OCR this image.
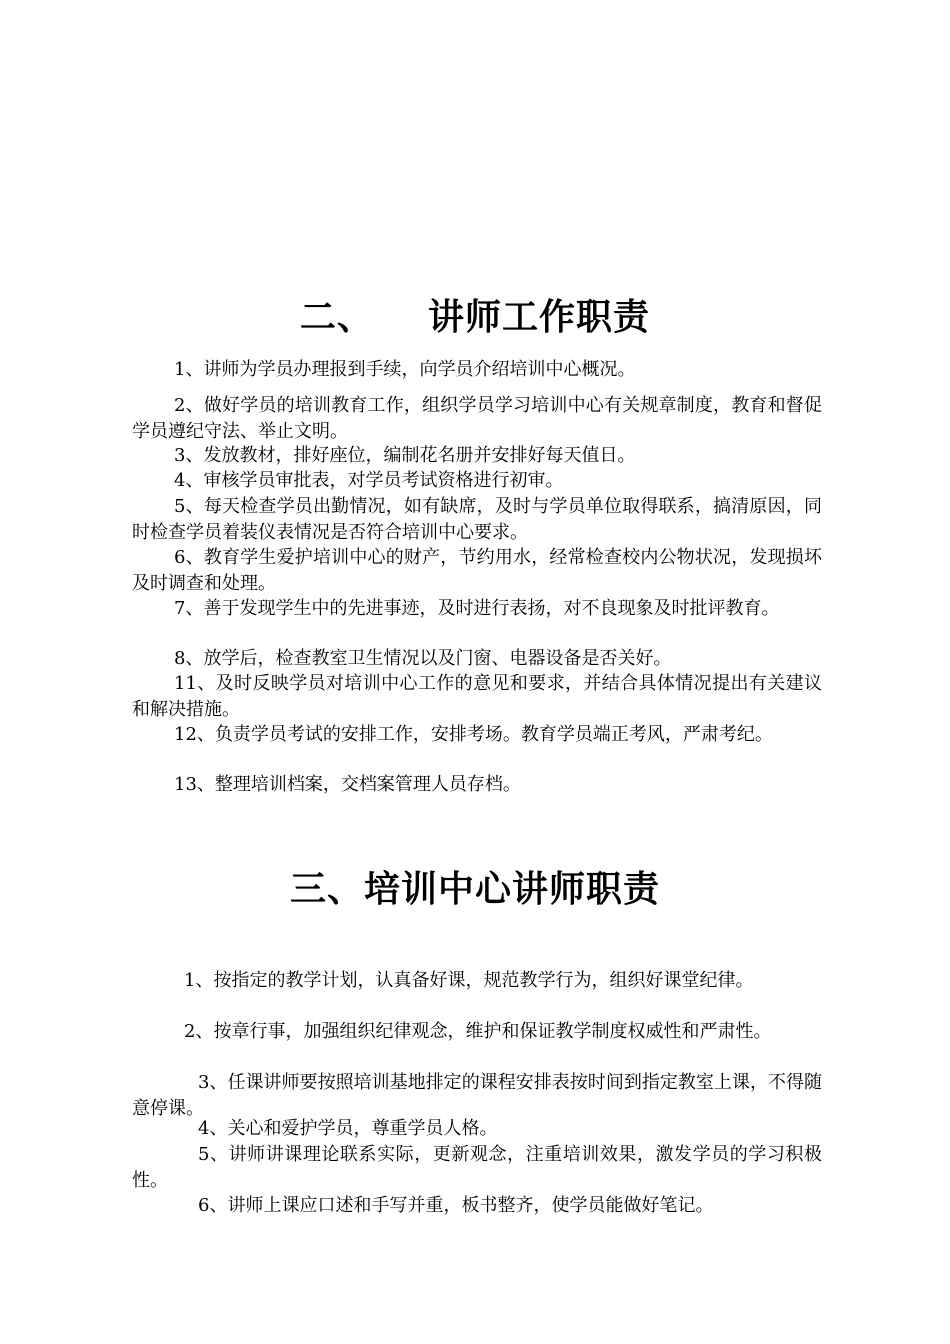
二、    讲师工作职责

1、讲师为学员办理报到手续，向学员介绍培训中心概况。

2、做好学员的培训教育工作，组织学员学习培训中心有关规章制度，教育和督促学员遵纪守法、举止文明。

3、发放教材，排好座位，编制花名册并安排好每天值日。

4、审核学员审批表，对学员考试资格进行初审。

5、每天检查学员出勤情况，如有缺席，及时与学员单位取得联系，搞清原因，同时检查学员着装仪表情况是否符合培训中心要求。

6、教育学生爱护培训中心的财产，节约用水，经常检查校内公物状况，发现损坏及时调查和处理。

7、善于发现学生中的先进事迹，及时进行表扬，对不良现象及时批评教育。

8、放学后，检查教室卫生情况以及门窗、电器设备是否关好。

11、及时反映学员对培训中心工作的意见和要求，并结合具体情况提出有关建议和解决措施。

12、负责学员考试的安排工作，安排考场。教育学员端正考风，严肃考纪。

13、整理培训档案，交档案管理人员存档。

三、培训中心讲师职责

1、按指定的教学计划，认真备好课，规范教学行为，组织好课堂纪律。

2、按章行事，加强组织纪律观念，维护和保证教学制度权威性和严肃性。

3、任课讲师要按照培训基地排定的课程安排表按时间到指定教室上课，不得随意停课。

4、关心和爱护学员，尊重学员人格。

5、讲师讲课理论联系实际，更新观念，注重培训效果，激发学员的学习积极性。

6、讲师上课应口述和手写并重，板书整齐，使学员能做好笔记。
